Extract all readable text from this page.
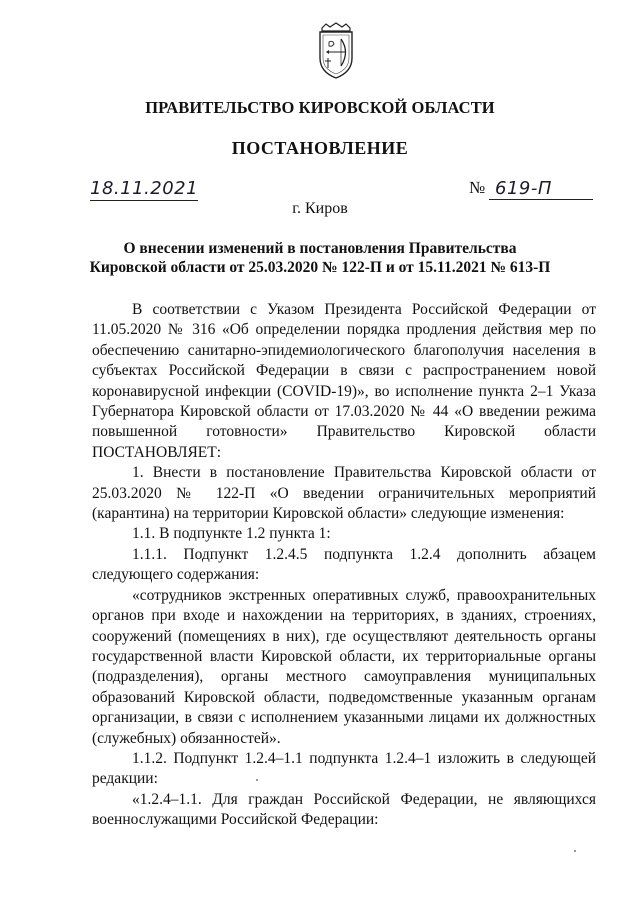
ПРАВИТЕЛЬСТВО КИРОВСКОЙ ОБЛАСТИ
ПОСТАНОВЛЕНИЕ
18.11.2021	№ 619-П
г. Киров
О внесении изменений в постановления Правительства
Кировской области от 25.03.2020 № 122-П и от 15.11.2021 № 613-П

В соответствии с Указом Президента Российской Федерации от 11.05.2020 № 316 «Об определении порядка продления действия мер по обеспечению санитарно-эпидемиологического благополучия населения в субъектах Российской Федерации в связи с распространением новой коронавирусной инфекции (COVID-19)», во исполнение пункта 2–1 Указа Губернатора Кировской области от 17.03.2020 № 44 «О введении режима повышенной готовности» Правительство Кировской области ПОСТАНОВЛЯЕТ:

1. Внести в постановление Правительства Кировской области от 25.03.2020 № 122-П «О введении ограничительных мероприятий (карантина) на территории Кировской области» следующие изменения:

1.1. В подпункте 1.2 пункта 1:

1.1.1. Подпункт 1.2.4.5 подпункта 1.2.4 дополнить абзацем следующего содержания:

«сотрудников экстренных оперативных служб, правоохранительных органов при входе и нахождении на территориях, в зданиях, строениях, сооружений (помещениях в них), где осуществляют деятельность органы государственной власти Кировской области, их территориальные органы (подразделения), органы местного самоуправления муниципальных образований Кировской области, подведомственные указанным органам организации, в связи с исполнением указанными лицами их должностных (служебных) обязанностей».

1.1.2. Подпункт 1.2.4–1.1 подпункта 1.2.4–1 изложить в следующей редакции:

«1.2.4–1.1. Для граждан Российской Федерации, не являющихся военнослужащими Российской Федерации:
